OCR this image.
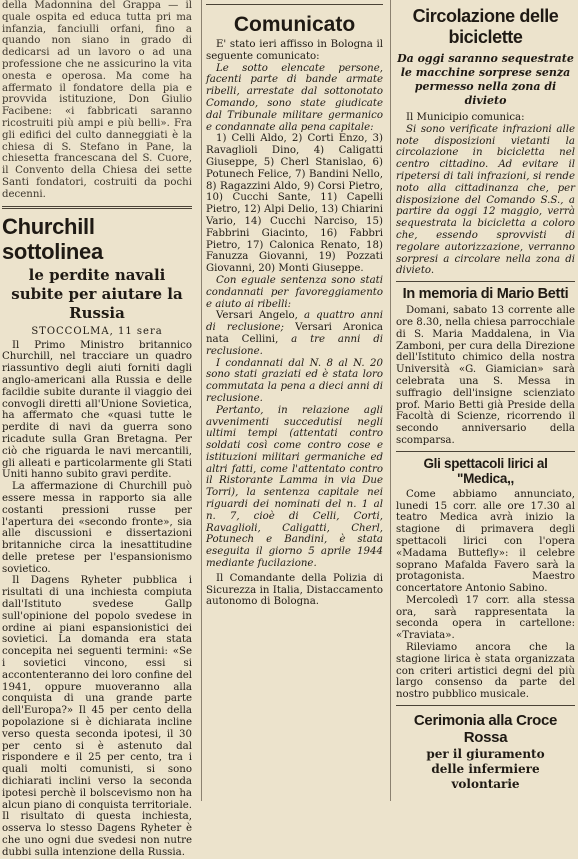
della Madonnina del Grappa — il quale ospita ed educa tutta pri ma infanzia, fanciulli orfani, fino a quando non siano in grado di dedicarsi ad un lavoro o ad una professione che ne assicurino la vita onesta e operosa. Ma come ha affermato il fondatore della pia e provvida istituzione, Don Giulio Facibene: «i fabbricati saranno ricostruiti più ampi e più belli». Fra gli edifici del culto danneggiati è la chiesa di S. Stefano in Pane, la chiesetta francescana del S. Cuore, il Convento della Chiesa dei sette Santi fondatori, costruiti da pochi decenni.

Churchill sottolinea
le perdite navali subite per aiutare la Russia
STOCCOLMA, 11 sera

Il Primo Ministro britannico Churchill, nel tracciare un quadro riassuntivo degli aiuti forniti dagli anglo-americani alla Russia e delle facildie subite durante il viaggio dei convogli diretti all'Unione Sovietica, ha affermato che «quasi tutte le perdite di navi da guerra sono ricadute sulla Gran Bretagna. Per ciò che riguarda le navi mercantili, gli alleati e particolarmente gli Stati Uniti hanno subito gravi perdite.

La affermazione di Churchill può essere messa in rapporto sia alle costanti pressioni russe per l'apertura dei «secondo fronte», sia alle discussioni e dissertazioni britanniche circa la inesattitudine delle pretese per l'espansionismo sovietico.

Il Dagens Ryheter pubblica i risultati di una inchiesta compiuta dall'Istituto svedese Gallp sull'opinione del popolo svedese in ordine ai piani espansionistici dei sovietici. La domanda era stata concepita nei seguenti termini: «Se i sovietici vincono, essi si accontenteranno dei loro confine del 1941, oppure muoveranno alla conquista di una grande parte dell'Europa?» Il 45 per cento della popolazione si è dichiarata incline verso questa seconda ipotesi, il 30 per cento si è astenuto dal rispondere e il 25 per cento, tra i quali molti comunisti, si sono dichiarati inclini verso la seconda ipotesi perchè il bolscevismo non ha alcun piano di conquista territoriale. Il risultato di questa inchiesta, osserva lo stesso Dagens Ryheter è che uno ogni due svedesi non nutre dubbi sulla intenzione della Russia.

Comunicato

E' stato ieri affisso in Bologna il seguente comunicato:

Le sotto elencate persone, facenti parte di bande armate ribelli, arrestate dal sottonotato Comando, sono state giudicate dal Tribunale militare germanico e condannate alla pena capitale:

1) Celli Aldo, 2) Corti Enzo, 3) Ravaglioli Dino, 4) Caligatti Giuseppe, 5) Cherl Stanislao, 6) Potunech Felice, 7) Bandini Nello, 8) Ragazzini Aldo, 9) Corsi Pietro, 10) Cucchi Sante, 11) Capelli Pietro, 12) Alpi Delio, 13) Chiarini Vario, 14) Cucchi Narciso, 15) Fabbrini Giacinto, 16) Fabbri Pietro, 17) Calonica Renato, 18) Fanuzza Giovanni, 19) Pozzati Giovanni, 20) Monti Giuseppe.

Con eguale sentenza sono stati condannati per favoreggiamento e aiuto ai ribelli:

Versari Angelo, a quattro anni di reclusione; Versari Aronica nata Cellini, a tre anni di reclusione.

I condannati dal N. 8 al N. 20 sono stati graziati ed è stata loro commutata la pena a dieci anni di reclusione.

Pertanto, in relazione agli avvenimenti succedutisi negli ultimi tempi (attentati contro soldati così come contro cose e istituzioni militari germaniche ed altri fatti, come l'attentato contro il Ristorante Lamma in via Due Torri), la sentenza capitale nei riguardi dei nominati del n. 1 al n. 7, cioè di Celli, Corti, Ravaglioli, Caligatti, Cherl, Potunech e Bandini, è stata eseguita il giorno 5 aprile 1944 mediante fucilazione.

Il Comandante della Polizia di Sicurezza in Italia, Distaccamento autonomo di Bologna.

Circolazione delle biciclette
Da oggi saranno sequestrate le macchine sorprese senza permesso nella zona di divieto

Il Municipio comunica:

Si sono verificate infrazioni alle note disposizioni vietanti la circolazione in bicicletta nel centro cittadino. Ad evitare il ripetersi di tali infrazioni, si rende noto alla cittadinanza che, per disposizione del Comando S.S., a partire da oggi 12 maggio, verrà sequestrata la bicicletta a coloro che, essendo sprovvisti di regolare autorizzazione, verranno sorpresi a circolare nella zona di divieto.

In memoria di Mario Betti

Domani, sabato 13 corrente alle ore 8.30, nella chiesa parrocchiale di S. Maria Maddalena, in Via Zamboni, per cura della Direzione dell'Istituto chimico della nostra Università «G. Giamician» sarà celebrata una S. Messa in suffragio dell'insigne scienziato prof. Mario Betti già Preside della Facoltà di Scienze, ricorrendo il secondo anniversario della scomparsa.

Gli spettacoli lirici al "Medica,,

Come abbiamo annunciato, lunedi 15 corr. alle ore 17.30 al teatro Medica avrà inizio la stagione di primavera degli spettacoli lirici con l'opera «Madama Buttefly»: il celebre soprano Mafalda Favero sarà la protagonista. Maestro concertatore Antonio Sabino.

Mercoledì 17 corr. alla stessa ora, sarà rappresentata la seconda opera in cartellone: «Traviata».

Rileviamo ancora che la stagione lirica è stata organizzata con criteri artistici degni del più largo consenso da parte del nostro pubblico musicale.

Cerimonia alla Croce Rossa
per il giuramento
delle infermiere volontarie
